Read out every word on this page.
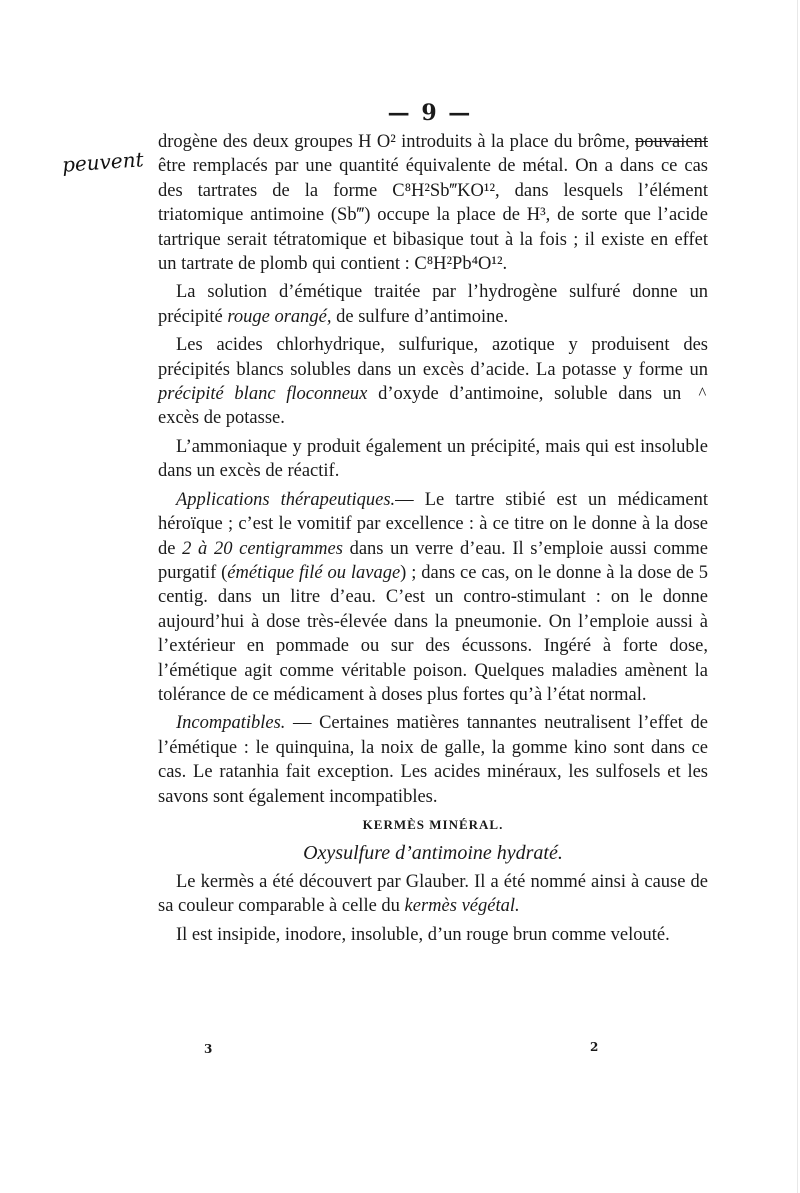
— 9 —
peuvent

drogène des deux groupes H O² introduits à la place du brôme, pouvaient être remplacés par une quantité équivalente de métal. On a dans ce cas des tartrates de la forme C⁸H²Sb‴KO¹², dans lesquels l’élément triatomique antimoine (Sb‴) occupe la place de H³, de sorte que l’acide tartrique serait tétratomique et bibasique tout à la fois ; il existe en effet un tartrate de plomb qui contient : C⁸H²Pb⁴O¹².

La solution d’émétique traitée par l’hydrogène sulfuré donne un précipité rouge orangé, de sulfure d’antimoine.

Les acides chlorhydrique, sulfurique, azotique y produisent des précipités blancs solubles dans un excès d’acide. La potasse y forme un précipité blanc floconneux d’oxyde d’antimoine, soluble dans un ^ excès de potasse.

L’ammoniaque y produit également un précipité, mais qui est insoluble dans un excès de réactif.

Applications thérapeutiques.— Le tartre stibié est un médicament héroïque ; c’est le vomitif par excellence : à ce titre on le donne à la dose de 2 à 20 centigrammes dans un verre d’eau. Il s’emploie aussi comme purgatif (émétique filé ou lavage) ; dans ce cas, on le donne à la dose de 5 centig. dans un litre d’eau. C’est un contro-stimulant : on le donne aujourd’hui à dose très-élevée dans la pneumonie. On l’emploie aussi à l’extérieur en pommade ou sur des écussons. Ingéré à forte dose, l’émétique agit comme véritable poison. Quelques maladies amènent la tolérance de ce médicament à doses plus fortes qu’à l’état normal.

Incompatibles. — Certaines matières tannantes neutralisent l’effet de l’émétique : le quinquina, la noix de galle, la gomme kino sont dans ce cas. Le ratanhia fait exception. Les acides minéraux, les sulfosels et les savons sont également incompatibles.

KERMÈS MINÉRAL.

Oxysulfure d’antimoine hydraté.

Le kermès a été découvert par Glauber. Il a été nommé ainsi à cause de sa couleur comparable à celle du kermès végétal.

Il est insipide, inodore, insoluble, d’un rouge brun comme velouté.

3	2
